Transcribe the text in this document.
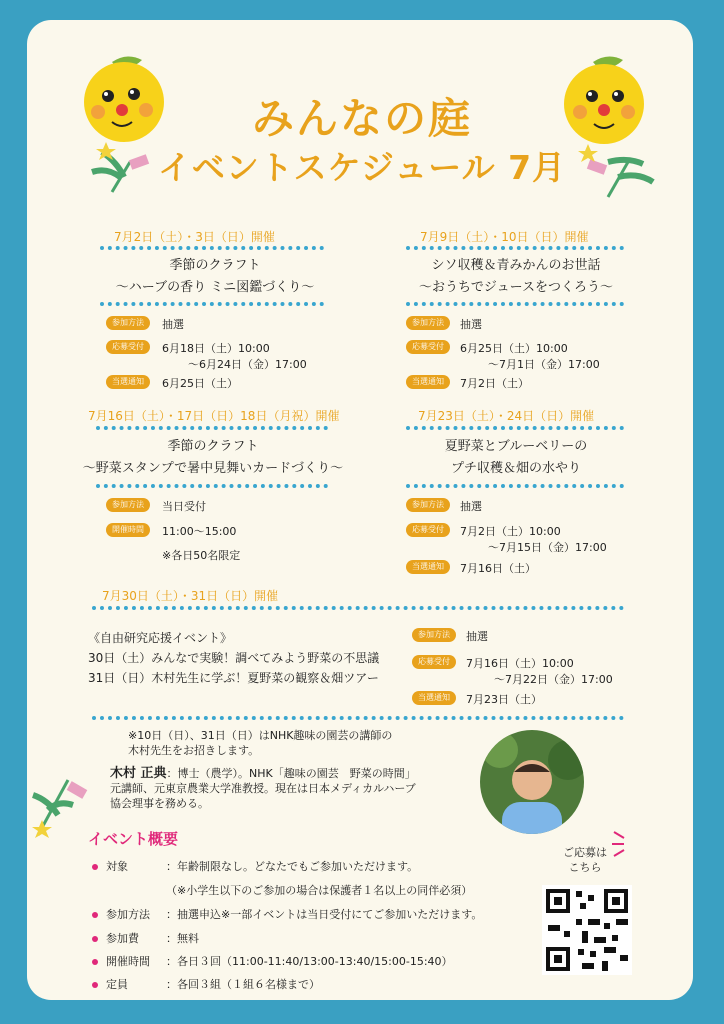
みんなの庭
イベントスケジュール 7月
7月2日（土）・3日（日）開催
季節のクラフト
～ハーブの香り ミニ図鑑づくり～
参加方法	抽選
応募受付	6月18日（土）10:00
～6月24日（金）17:00
当選通知	6月25日（土）
7月9日（土）・10日（日）開催
シソ収穫＆青みかんのお世話
～おうちでジュースをつくろう～
参加方法	抽選
応募受付	6月25日（土）10:00
～7月1日（金）17:00
当選通知	7月2日（土）
7月16日（土）・17日（日）18日（月祝）開催
季節のクラフト
～野菜スタンプで暑中見舞いカードづくり～
参加方法	当日受付
開催時間	11:00～15:00
※各日50名限定
7月23日（土）・24日（日）開催
夏野菜とブルーベリーの
プチ収穫＆畑の水やり
参加方法	抽選
応募受付	7月2日（土）10:00
～7月15日（金）17:00
当選通知	7月16日（土）
7月30日（土）・31日（日）開催
《自由研究応援イベント》
30日（土）みんなで実験！調べてみよう野菜の不思議
31日（日）木村先生に学ぶ！夏野菜の観察＆畑ツアー
参加方法	抽選
応募受付	7月16日（土）10:00
～7月22日（金）17:00
当選通知	7月23日（土）
※10日（日）、31日（日）はNHK趣味の園芸の講師の
木村先生をお招きします。
木村 正典：博士（農学）。NHK「趣味の園芸　野菜の時間」
元講師、元東京農業大学准教授。現在は日本メディカルハーブ
協会理事を務める。
イベント概要
対象	：年齢制限なし。どなたでもご参加いただけます。
（※小学生以下のご参加の場合は保護者１名以上の同伴必須）
参加方法 ：抽選申込※一部イベントは当日受付にてご参加いただけます。
参加費 ：無料
開催時間 ：各日３回（11:00-11:40/13:00-13:40/15:00-15:40）
定員	：各回３組（１組６名様まで）
ご応募は
こちら
